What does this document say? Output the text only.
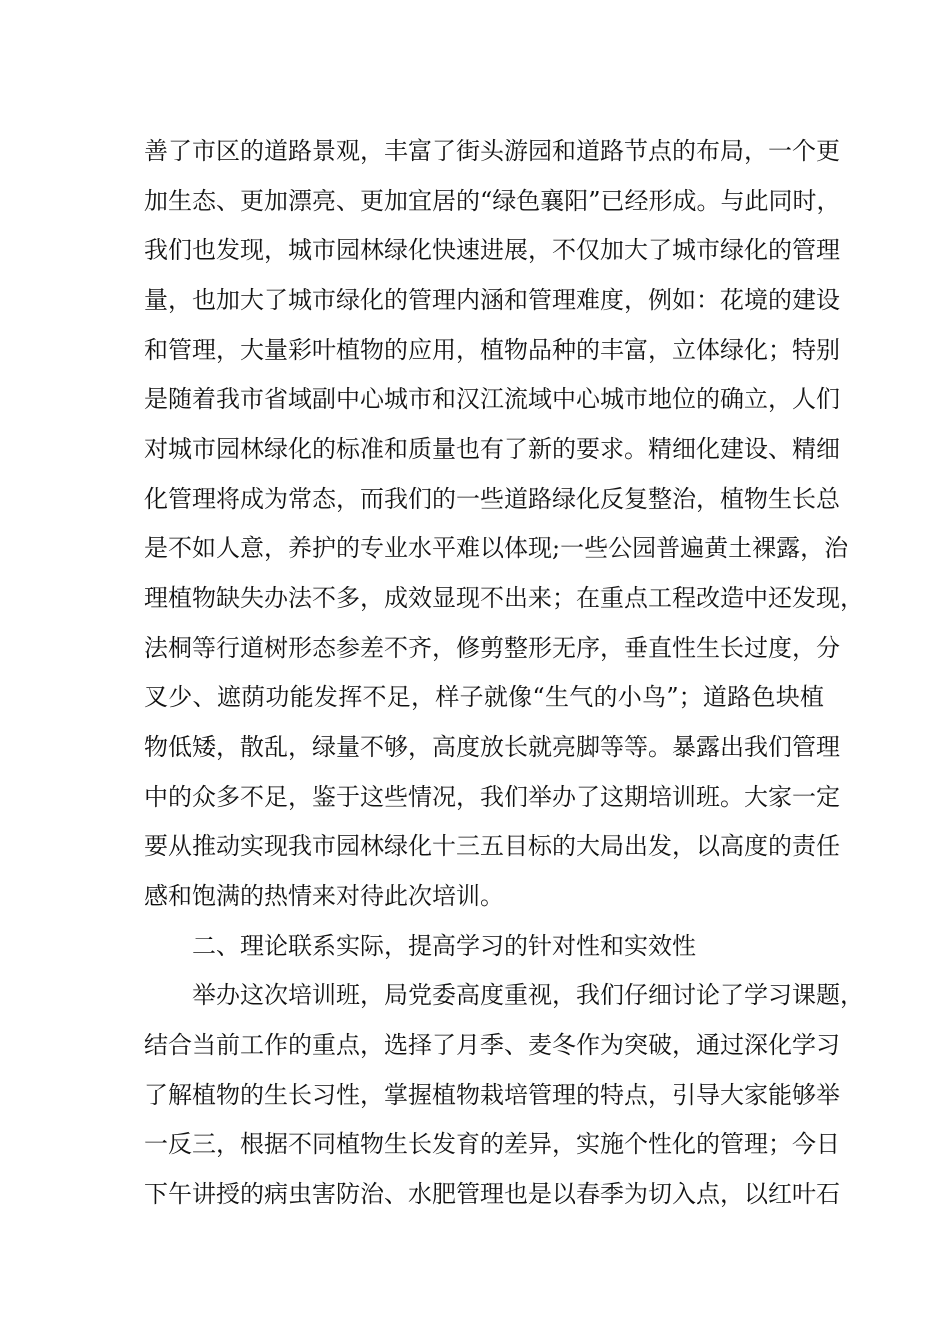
善了市区的道路景观，丰富了街头游园和道路节点的布局，一个更
加生态、更加漂亮、更加宜居的“绿色襄阳”已经形成。与此同时，
我们也发现，城市园林绿化快速进展，不仅加大了城市绿化的管理
量，也加大了城市绿化的管理内涵和管理难度，例如：花境的建设
和管理，大量彩叶植物的应用，植物品种的丰富，立体绿化；特别
是随着我市省域副中心城市和汉江流域中心城市地位的确立，人们
对城市园林绿化的标准和质量也有了新的要求。精细化建设、精细
化管理将成为常态，而我们的一些道路绿化反复整治，植物生长总
是不如人意，养护的专业水平难以体现;一些公园普遍黄土裸露，治
理植物缺失办法不多，成效显现不出来；在重点工程改造中还发现，
法桐等行道树形态参差不齐，修剪整形无序，垂直性生长过度，分
叉少、遮荫功能发挥不足，样子就像“生气的小鸟”；道路色块植
物低矮，散乱，绿量不够，高度放长就亮脚等等。暴露出我们管理
中的众多不足，鉴于这些情况，我们举办了这期培训班。大家一定
要从推动实现我市园林绿化十三五目标的大局出发，以高度的责任
感和饱满的热情来对待此次培训。
二、理论联系实际，提高学习的针对性和实效性
举办这次培训班，局党委高度重视，我们仔细讨论了学习课题，
结合当前工作的重点，选择了月季、麦冬作为突破，通过深化学习
了解植物的生长习性，掌握植物栽培管理的特点，引导大家能够举
一反三，根据不同植物生长发育的差异，实施个性化的管理；今日
下午讲授的病虫害防治、水肥管理也是以春季为切入点，以红叶石
